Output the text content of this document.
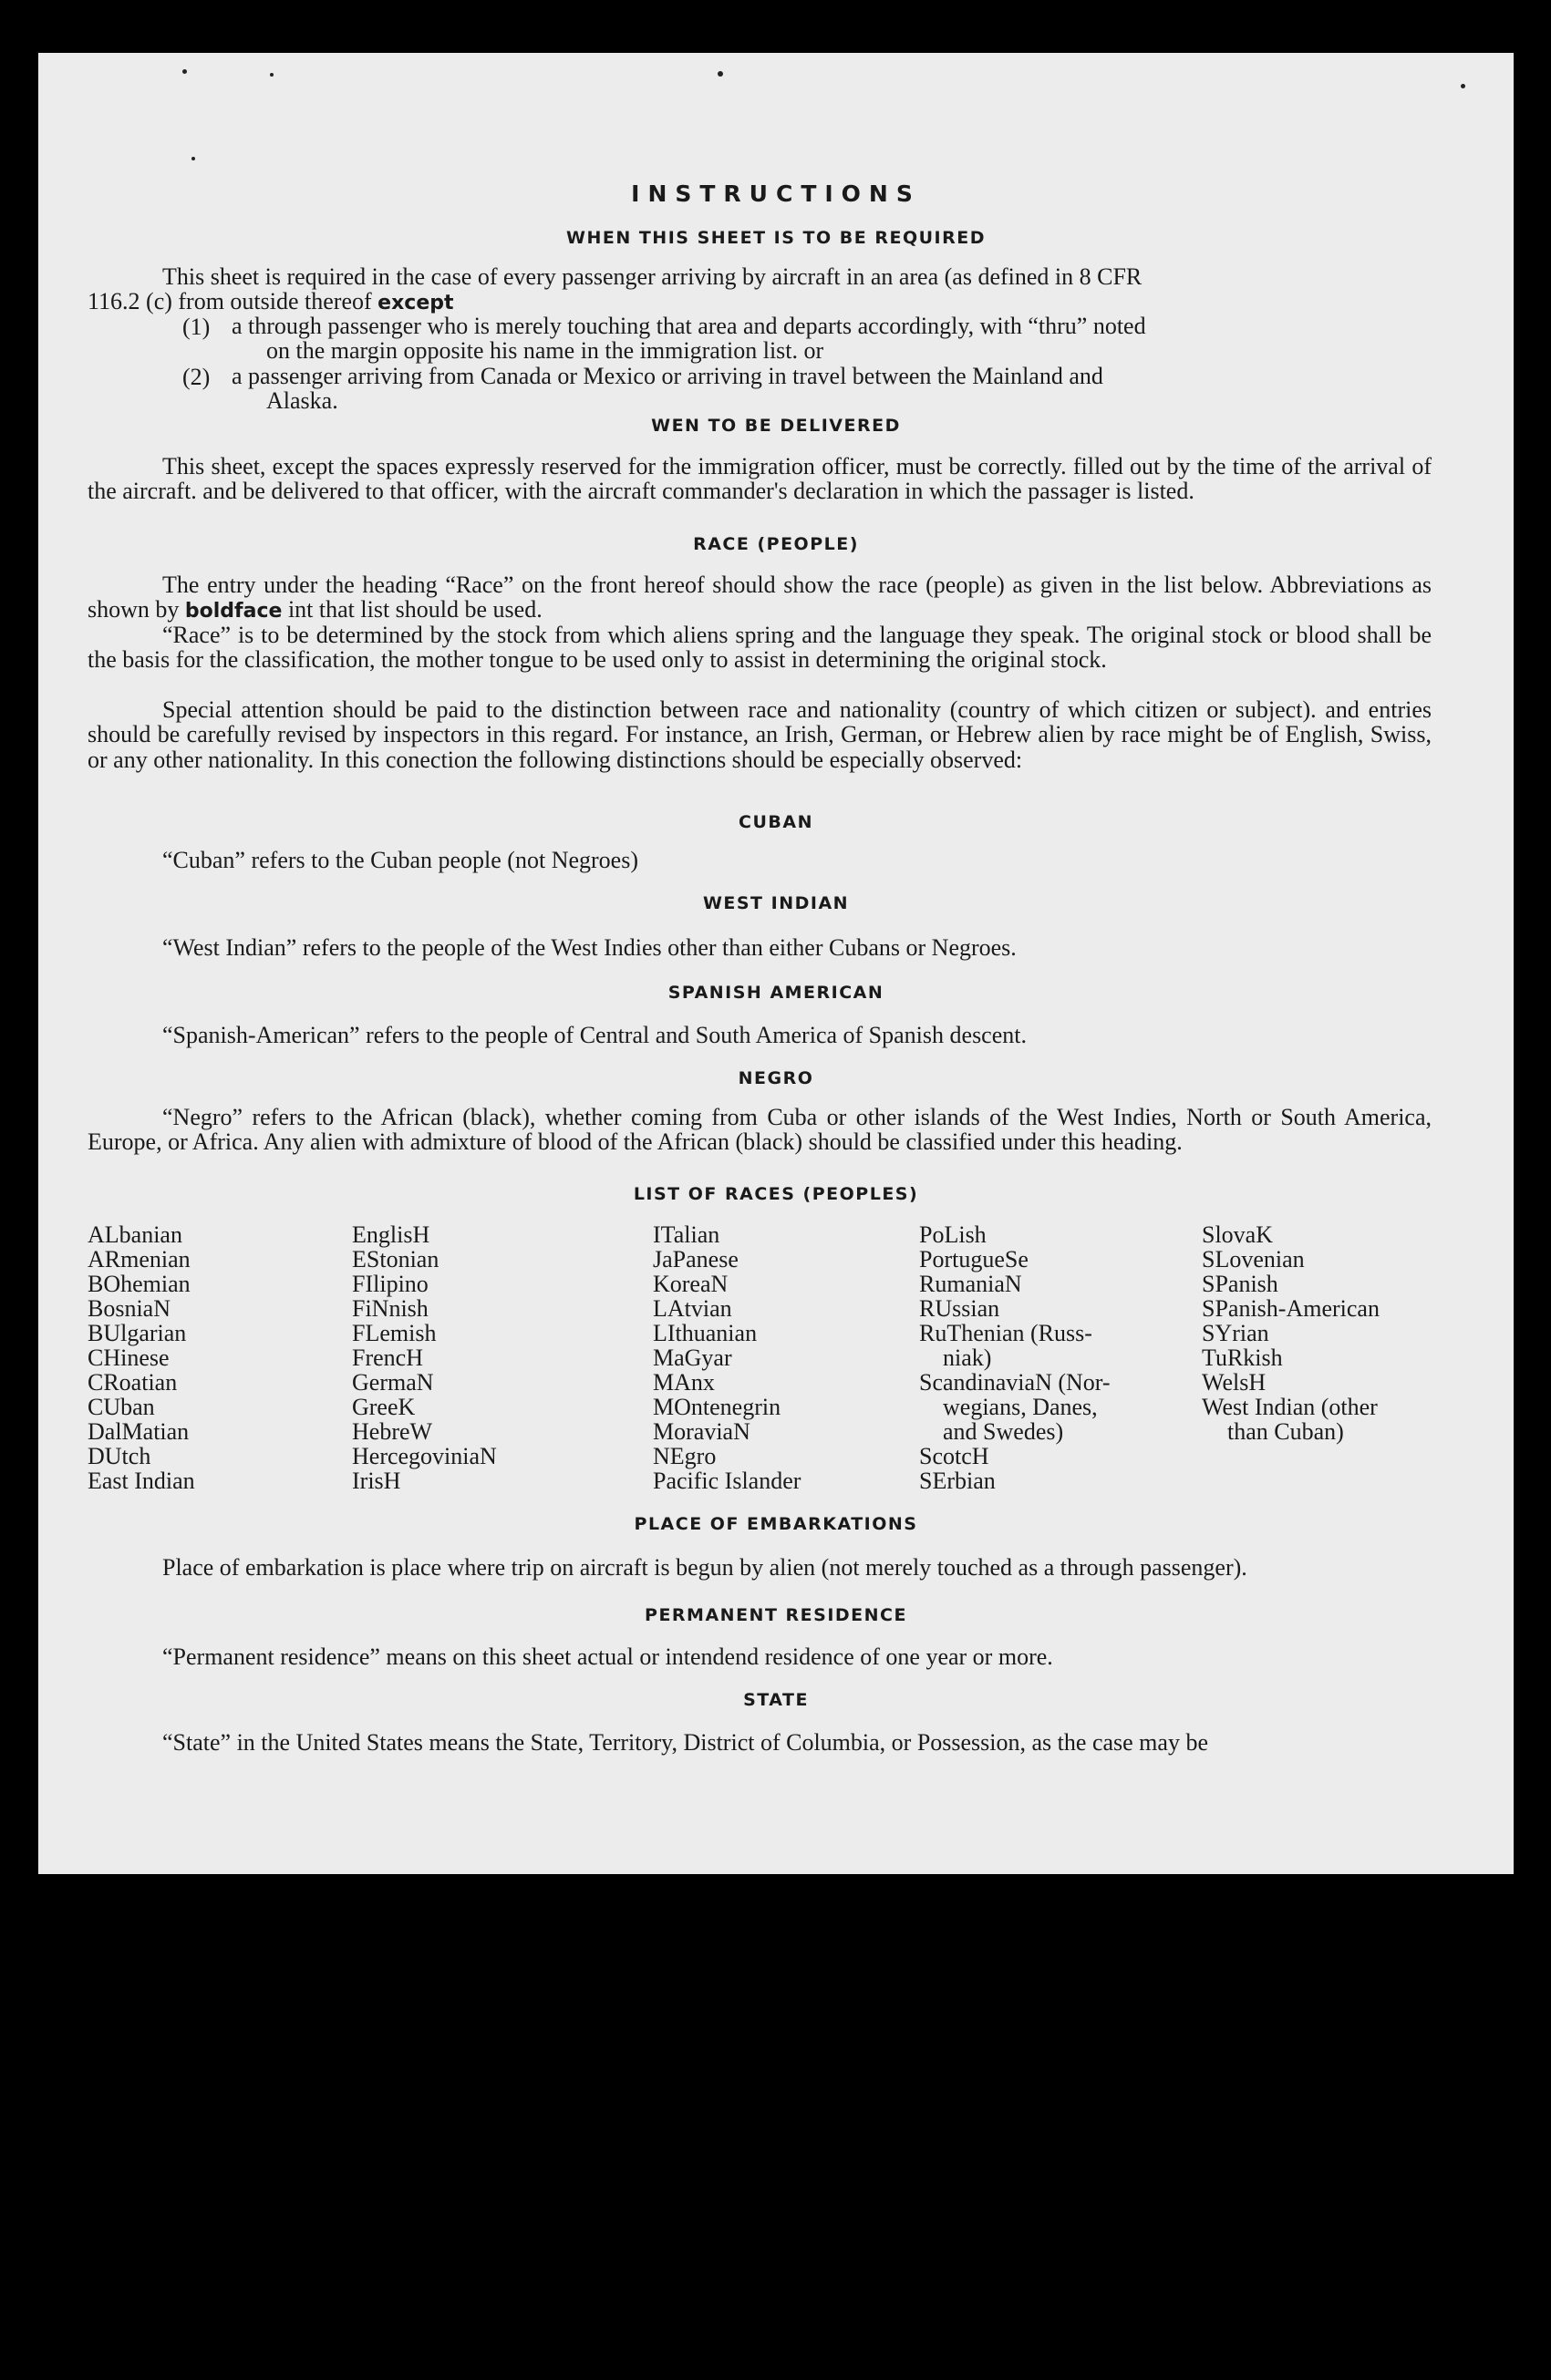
INSTRUCTIONS
WHEN THIS SHEET IS TO BE REQUIRED
This sheet is required in the case of every passenger arriving by aircraft in an area (as defined in 8 CFR
116.2 (c) from outside thereof except
(1) a through passenger who is merely touching that area and departs accordingly, with “thru” noted
on the margin opposite his name in the immigration list. or
(2) a passenger arriving from Canada or Mexico or arriving in travel between the Mainland and
Alaska.
WEN TO BE DELIVERED

This sheet, except the spaces expressly reserved for the immigration officer, must be correctly. filled out by the time of the arrival of the aircraft. and be delivered to that officer, with the aircraft commander's declaration in which the passager is listed.

RACE (PEOPLE)

The entry under the heading “Race” on the front hereof should show the race (people) as given in the list below. Abbreviations as shown by boldface int that list should be used.

“Race” is to be determined by the stock from which aliens spring and the language they speak. The original stock or blood shall be the basis for the classification, the mother tongue to be used only to assist in determining the original stock.

Special attention should be paid to the distinction between race and nationality (country of which citizen or subject). and entries should be carefully revised by inspectors in this regard. For instance, an Irish, German, or Hebrew alien by race might be of English, Swiss, or any other nationality. In this conection the following distinctions should be especially observed:

CUBAN

“Cuban” refers to the Cuban people (not Negroes)

WEST INDIAN

“West Indian” refers to the people of the West Indies other than either Cubans or Negroes.

SPANISH AMERICAN

“Spanish-American” refers to the people of Central and South America of Spanish descent.

NEGRO

“Negro” refers to the African (black), whether coming from Cuba or other islands of the West Indies, North or South America, Europe, or Africa. Any alien with admixture of blood of the African (black) should be classified under this heading.

LIST OF RACES (PEOPLES)
ALbanian
ARmenian
BOhemian
BosniaN
BUlgarian
CHinese
CRoatian
CUban
DalMatian
DUtch
East Indian
EnglisH
EStonian
FIlipino
FiNnish
FLemish
FrencH
GermaN
GreeK
HebreW
HercegoviniaN
IrisH
ITalian
JaPanese
KoreaN
LAtvian
LIthuanian
MaGyar
MAnx
MOntenegrin
MoraviaN
NEgro
Pacific Islander
PoLish
PortugueSe
RumaniaN
RUssian
RuThenian (Russ-
niak)
ScandinaviaN (Nor-
wegians, Danes,
and Swedes)
ScotcH
SErbian
SlovaK
SLovenian
SPanish
SPanish-American
SYrian
TuRkish
WelsH
West Indian (other
than Cuban)
PLACE OF EMBARKATIONS

Place of embarkation is place where trip on aircraft is begun by alien (not merely touched as a through passenger).

PERMANENT RESIDENCE

“Permanent residence” means on this sheet actual or intendend residence of one year or more.

STATE

“State” in the United States means the State, Territory, District of Columbia, or Possession, as the case may be
